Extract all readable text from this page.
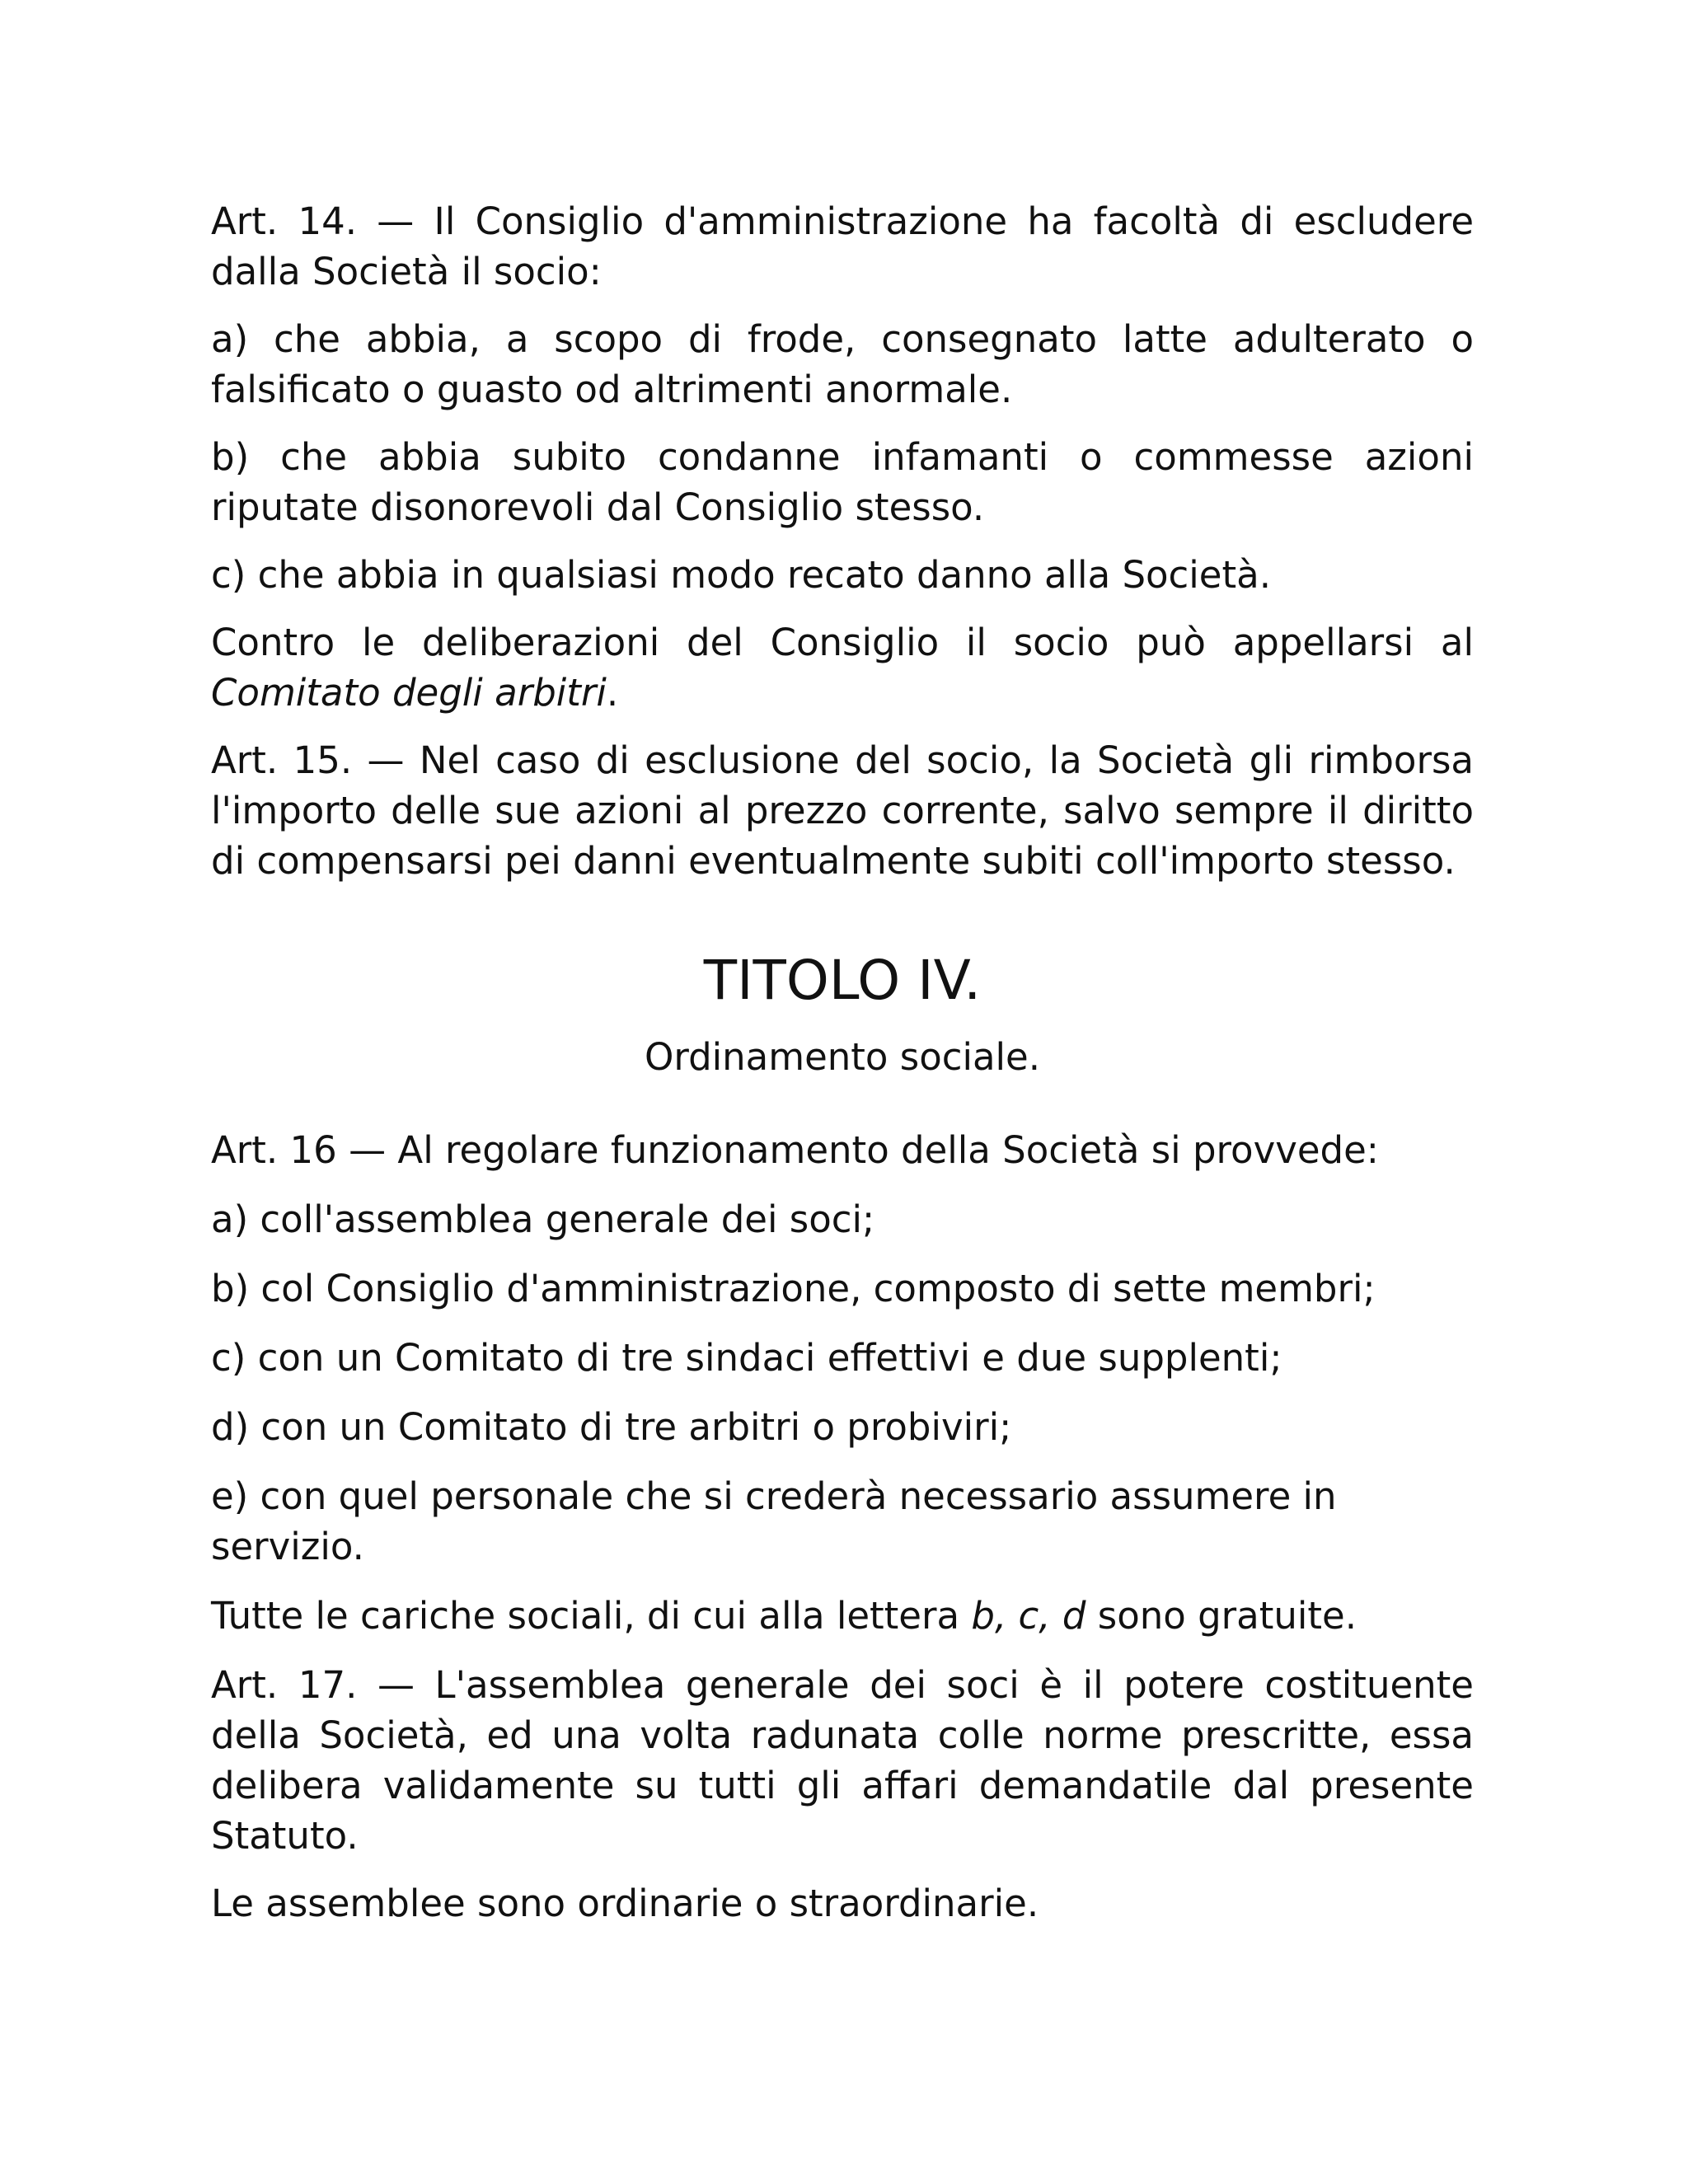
Art. 14. — Il Consiglio d'amministrazione ha facoltà di escludere dalla Società il socio:

a) che abbia, a scopo di frode, consegnato latte adulterato o falsificato o guasto od altrimenti anormale.

b) che abbia subito condanne infamanti o commesse azioni riputate disonorevoli dal Consiglio stesso.

c) che abbia in qualsiasi modo recato danno alla Società.

Contro le deliberazioni del Consiglio il socio può appellarsi al Comitato degli arbitri.

Art. 15. — Nel caso di esclusione del socio, la Società gli rimborsa l'importo delle sue azioni al prezzo corrente, salvo sempre il diritto di compensarsi pei danni eventualmente subiti coll'importo stesso.

TITOLO IV.
Ordinamento sociale.

Art. 16 — Al regolare funzionamento della Società si provvede:

a) coll'assemblea generale dei soci;

b) col Consiglio d'amministrazione, composto di sette membri;

c) con un Comitato di tre sindaci effettivi e due supplenti;

d) con un Comitato di tre arbitri o probiviri;

e) con quel personale che si crederà necessario assumere in servizio.

Tutte le cariche sociali, di cui alla lettera b, c, d sono gratuite.

Art. 17. — L'assemblea generale dei soci è il potere costituente della Società, ed una volta radunata colle norme prescritte, essa delibera validamente su tutti gli affari demandatile dal presente Statuto.

Le assemblee sono ordinarie o straordinarie.
